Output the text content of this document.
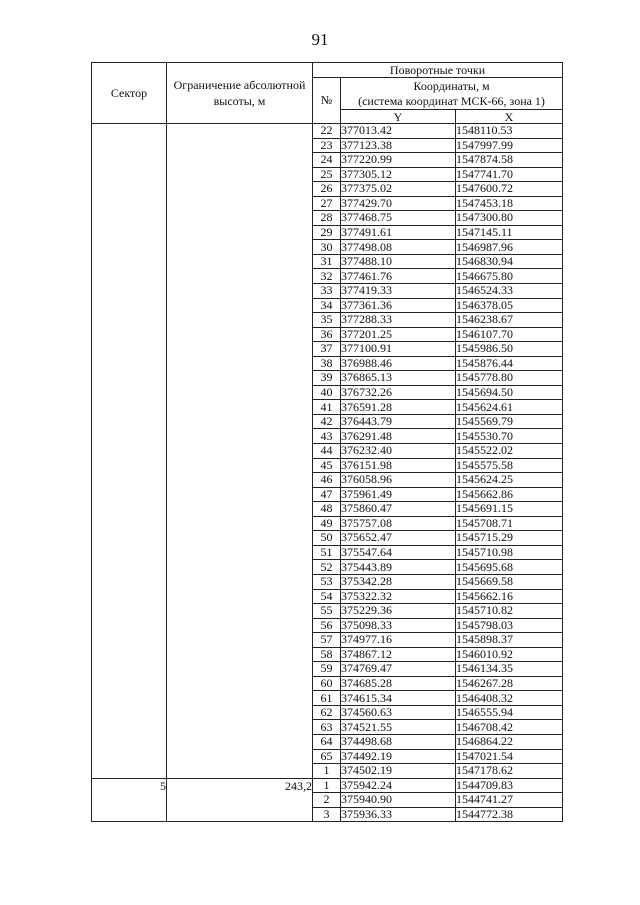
91
Сектор	Ограничение абсолютной высоты, м	Поворотные точки		
		№	Координаты, м
(система координат МСК-66, зона 1)	
			Y	X
		22	377013.42	1548110.53
		23	377123.38	1547997.99
		24	377220.99	1547874.58
		25	377305.12	1547741.70
		26	377375.02	1547600.72
		27	377429.70	1547453.18
		28	377468.75	1547300.80
		29	377491.61	1547145.11
		30	377498.08	1546987.96
		31	377488.10	1546830.94
		32	377461.76	1546675.80
		33	377419.33	1546524.33
		34	377361.36	1546378.05
		35	377288.33	1546238.67
		36	377201.25	1546107.70
		37	377100.91	1545986.50
		38	376988.46	1545876.44
		39	376865.13	1545778.80
		40	376732.26	1545694.50
		41	376591.28	1545624.61
		42	376443.79	1545569.79
		43	376291.48	1545530.70
		44	376232.40	1545522.02
		45	376151.98	1545575.58
		46	376058.96	1545624.25
		47	375961.49	1545662.86
		48	375860.47	1545691.15
		49	375757.08	1545708.71
		50	375652.47	1545715.29
		51	375547.64	1545710.98
		52	375443.89	1545695.68
		53	375342.28	1545669.58
		54	375322.32	1545662.16
		55	375229.36	1545710.82
		56	375098.33	1545798.03
		57	374977.16	1545898.37
		58	374867.12	1546010.92
		59	374769.47	1546134.35
		60	374685.28	1546267.28
		61	374615.34	1546408.32
		62	374560.63	1546555.94
		63	374521.55	1546708.42
		64	374498.68	1546864.22
		65	374492.19	1547021.54
		1	374502.19	1547178.62
5	243,2	1	375942.24	1544709.83
		2	375940.90	1544741.27
		3	375936.33	1544772.38
